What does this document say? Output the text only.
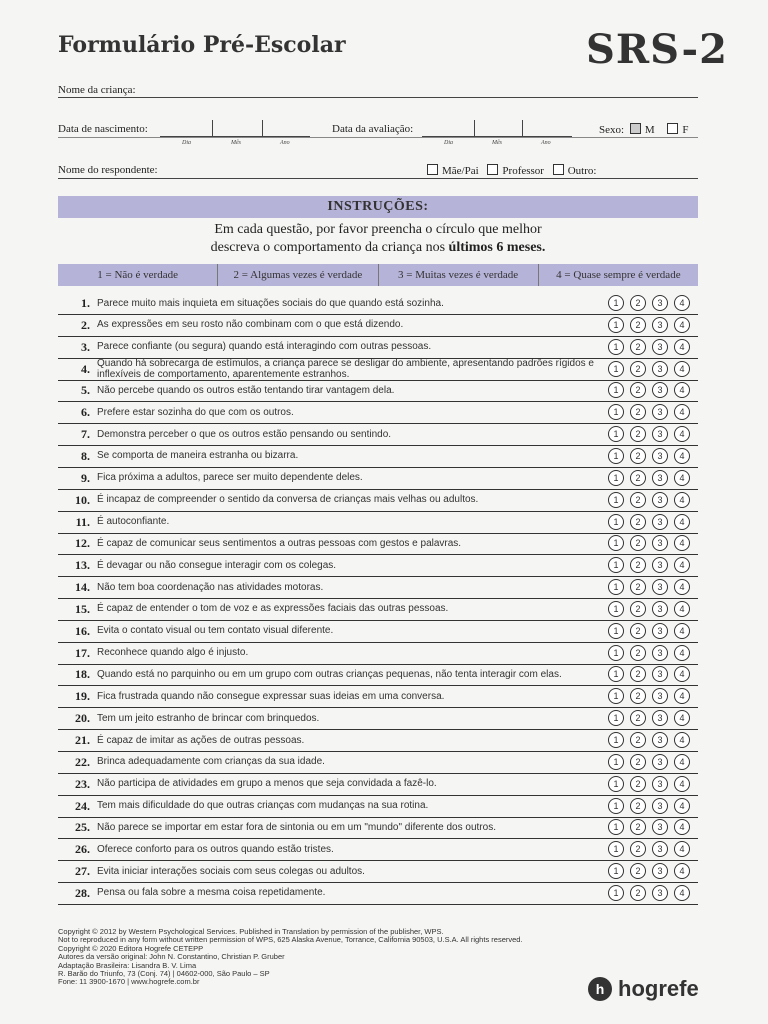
Formulário Pré-Escolar	SRS-2
Nome da criança:
Data de nascimento:
Dia	Mês	Ano
Data da avaliação:
Dia	Mês	Ano
Sexo: M	F
Nome do respondente:	Mãe/Pai Professor Outro:
INSTRUÇÕES:
Em cada questão, por favor preencha o círculo que melhor
descreva o comportamento da criança nos últimos 6 meses.
1 = Não é verdade	2 = Algumas vezes é verdade	3 = Muitas vezes é verdade	4 = Quase sempre é verdade
1. Parece muito mais inquieta em situações sociais do que quando está sozinha.	1	2	3	4
2. As expressões em seu rosto não combinam com o que está dizendo.	1	2	3	4
3. Parece confiante (ou segura) quando está interagindo com outras pessoas.	1	2	3	4
4. Quando há sobrecarga de estímulos, a criança parece se desligar do ambiente, apresentando padrões rígidos e inflexíveis de comportamento, aparentemente estranhos.	1	2	3	4
5. Não percebe quando os outros estão tentando tirar vantagem dela.	1	2	3	4
6. Prefere estar sozinha do que com os outros.	1	2	3	4
7. Demonstra perceber o que os outros estão pensando ou sentindo.	1	2	3	4
8. Se comporta de maneira estranha ou bizarra.	1	2	3	4
9. Fica próxima a adultos, parece ser muito dependente deles.	1	2	3	4
10. É incapaz de compreender o sentido da conversa de crianças mais velhas ou adultos.	1	2	3	4
11. É autoconfiante.	1	2	3	4
12. É capaz de comunicar seus sentimentos a outras pessoas com gestos e palavras.	1	2	3	4
13. É devagar ou não consegue interagir com os colegas.	1	2	3	4
14. Não tem boa coordenação nas atividades motoras.	1	2	3	4
15. É capaz de entender o tom de voz e as expressões faciais das outras pessoas.	1	2	3	4
16. Evita o contato visual ou tem contato visual diferente.	1	2	3	4
17. Reconhece quando algo é injusto.	1	2	3	4
18. Quando está no parquinho ou em um grupo com outras crianças pequenas, não tenta interagir com elas.	1	2	3	4
19. Fica frustrada quando não consegue expressar suas ideias em uma conversa.	1	2	3	4
20. Tem um jeito estranho de brincar com brinquedos.	1	2	3	4
21. É capaz de imitar as ações de outras pessoas.	1	2	3	4
22. Brinca adequadamente com crianças da sua idade.	1	2	3	4
23. Não participa de atividades em grupo a menos que seja convidada a fazê-lo.	1	2	3	4
24. Tem mais dificuldade do que outras crianças com mudanças na sua rotina.	1	2	3	4
25. Não parece se importar em estar fora de sintonia ou em um "mundo" diferente dos outros.	1	2	3	4
26. Oferece conforto para os outros quando estão tristes.	1	2	3	4
27. Evita iniciar interações sociais com seus colegas ou adultos.	1	2	3	4
28. Pensa ou fala sobre a mesma coisa repetidamente.	1	2	3	4
Copyright © 2012 by Western Psychological Services. Published in Translation by permission of the publisher, WPS.
Not to reproduced in any form without written permission of WPS, 625 Alaska Avenue, Torrance, California 90503, U.S.A. All rights reserved.
Copyright © 2020 Editora Hogrefe CETEPP
Autores da versão original: John N. Constantino, Christian P. Gruber
Adaptação Brasileira: Lisandra B. V. Lima
R. Barão do Triunfo, 73 (Conj. 74) | 04602-000, São Paulo – SP
Fone: 11 3900-1670 | www.hogrefe.com.br	h hogrefe
